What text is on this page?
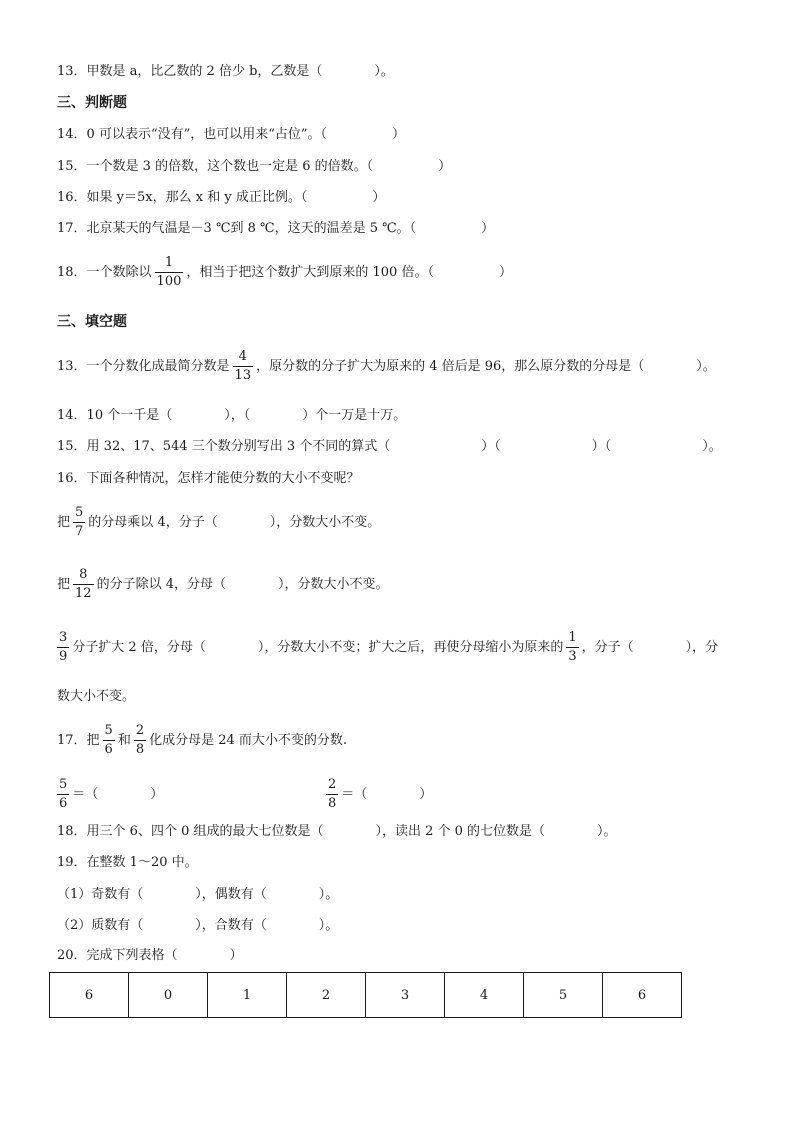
13．甲数是 a，比乙数的 2 倍少 b，乙数是（　　　　）。
三、判断题
14．0 可以表示“没有”，也可以用来“占位”。（　　　　　）
15．一个数是 3 的倍数，这个数也一定是 6 的倍数。（　　　　　）
16．如果 y＝5x，那么 x 和 y 成正比例。（　　　　　）
17．北京某天的气温是－3 ℃到 8 ℃，这天的温差是 5 ℃。（　　　　　）
18．一个数除以 $\frac{1}{100}$ ，相当于把这个数扩大到原来的 100 倍。（　　　　　）
三、填空题
13．一个分数化成最简分数是 $\frac{4}{13}$ ，原分数的分子扩大为原来的 4 倍后是 96，那么原分数的分母是（　　　　）。
14．10 个一千是（　　　　），（　　　　）个一万是十万。
15．用 32、17、544 三个数分别写出 3 个不同的算式（　　　　　　　）（　　　　　　　）（　　　　　　　）。
16．下面各种情况，怎样才能使分数的大小不变呢？
把 $\frac{5}{7}$ 的分母乘以 4，分子（　　　　），分数大小不变。
把 $\frac{8}{12}$ 的分子除以 4，分母（　　　　），分数大小不变。
$\frac{3}{9}$ 分子扩大 2 倍，分母（　　　　），分数大小不变；扩大之后，再使分母缩小为原来的 $\frac{1}{3}$ ，分子（　　　　），分
数大小不变。
17．把 $\frac{5}{6}$ 和 $\frac{2}{8}$ 化成分母是 24 而大小不变的分数.
$\frac{5}{6}$ ＝（　　　　）	$\frac{2}{8}$ ＝（　　　　）
18．用三个 6、四个 0 组成的最大七位数是（　　　　），读出 2 个 0 的七位数是（　　　　）。
19．在整数 1～20 中。
（1）奇数有（　　　　），偶数有（　　　　）。
（2）质数有（　　　　），合数有（　　　　）。
20．完成下列表格（　　　　）
6	0	1	2	3	4	5	6
